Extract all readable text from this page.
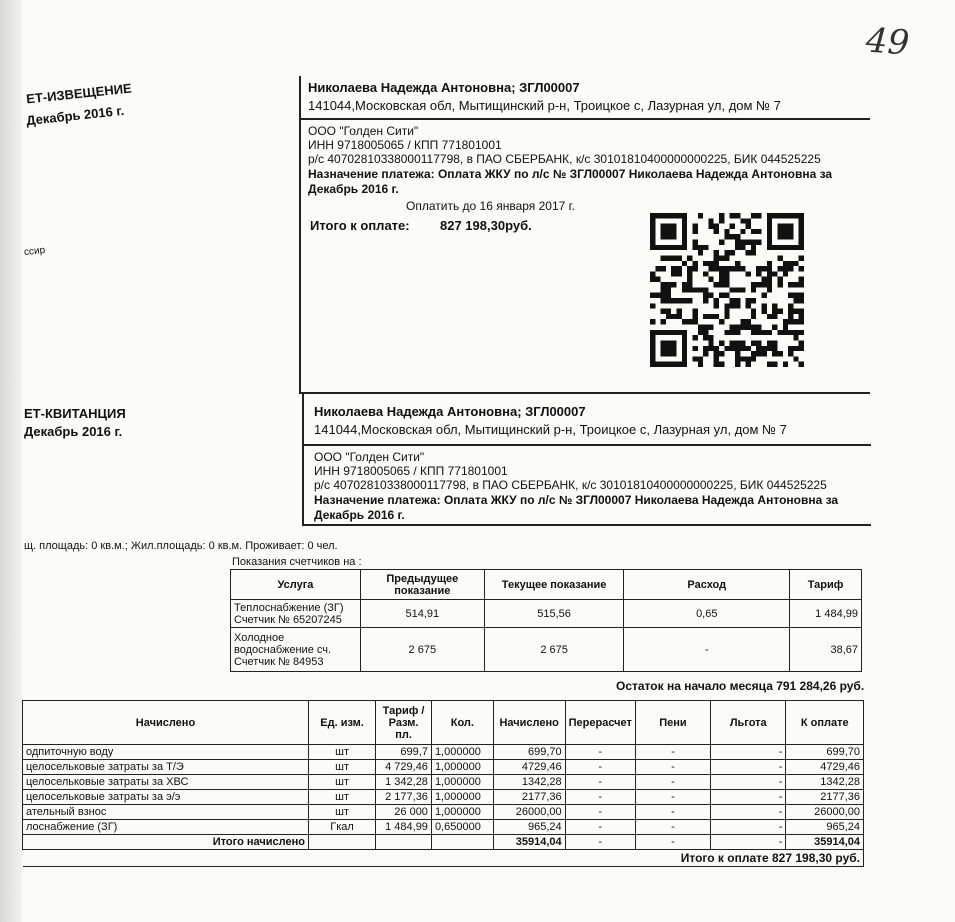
49
ЕТ-ИЗВЕЩЕНИЕ
Декабрь 2016 г.
ссир
Николаева Надежда Антоновна; ЗГЛ00007
141044,Московская обл, Мытищинский р-н, Троицкое с, Лазурная ул, дом № 7
ООО "Голден Сити"
ИНН 9718005065 / КПП 771801001
р/с 40702810338000117798, в ПАО СБЕРБАНК, к/с 30101810400000000225, БИК 044525225
Назначение платежа: Оплата ЖКУ по л/с № ЗГЛ00007 Николаева Надежда Антоновна за
Декабрь 2016 г.
Оплатить до 16 января 2017 г.
Итого к оплате: 827 198,30руб.
ЕТ-КВИТАНЦИЯ
Декабрь 2016 г.
Николаева Надежда Антоновна; ЗГЛ00007
141044,Московская обл, Мытищинский р-н, Троицкое с, Лазурная ул, дом № 7
ООО "Голден Сити"
ИНН 9718005065 / КПП 771801001
р/с 40702810338000117798, в ПАО СБЕРБАНК, к/с 30101810400000000225, БИК 044525225
Назначение платежа: Оплата ЖКУ по л/с № ЗГЛ00007 Николаева Надежда Антоновна за
Декабрь 2016 г.
щ. площадь: 0 кв.м.; Жил.площадь: 0 кв.м. Проживает: 0 чел.
Показания счетчиков на :
Услуга	Предыдущее показание	Текущее показание	Расход	Тариф
Теплоснабжение (ЗГ) Счетчик № 65207245	514,91	515,56	0,65	1 484,99
Холодное водоснабжение сч. Счетчик № 84953	2 675	2 675	-	38,67
Остаток на начало месяца 791 284,26 руб.
Начислено	Ед. изм.	Тариф / Разм. пл.	Кол.	Начислено	Перерасчет	Пени	Льгота	К оплате
одпиточную воду	шт	699,7	1,000000	699,70	-	-	-	699,70
целосельковые затраты за Т/Э	шт	4 729,46	1,000000	4729,46	-	-	-	4729,46
целосельковые затраты за ХВС	шт	1 342,28	1,000000	1342,28	-	-	-	1342,28
целосельковые затраты за э/э	шт	2 177,36	1,000000	2177,36	-	-	-	2177,36
ательный взнос	шт	26 000	1,000000	26000,00	-	-	-	26000,00
лоснабжение (ЗГ)	Гкал	1 484,99	0,650000	965,24	-	-	-	965,24
Итого начислено				35914,04	-	-	-	35914,04
Итого к оплате 827 198,30 руб.								
